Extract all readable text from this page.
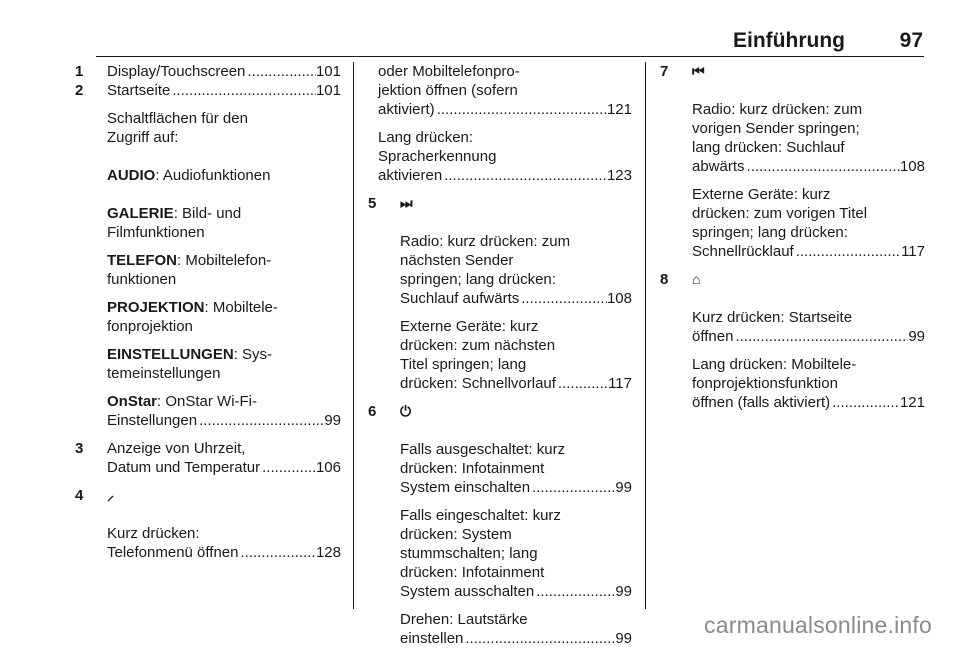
Einführung	97
1 Display/Touchscreen .....	101
2 Startseite .....	101

Schaltflächen für den
Zugriff auf:

AUDIO: Audiofunktionen

GALERIE: Bild- und
Filmfunktionen

TELEFON: Mobiltelefon-
funktionen

PROJEKTION: Mobiltele-
fonprojektion

EINSTELLUNGEN: Sys-
temeinstellungen

OnStar: OnStar Wi-Fi-
Einstellungen .....	99

3 Anzeige von Uhrzeit,
Datum und Temperatur .....	106
4 ⸝

Kurz drücken:
Telefonmenü öffnen .....	128

oder Mobiltelefonpro-
jektion öffnen (sofern
aktiviert) .....	121

Lang drücken:
Spracherkennung
aktivieren .....	123

5 ⏭

Radio: kurz drücken: zum
nächsten Sender
springen; lang drücken:
Suchlauf aufwärts .....	108

Externe Geräte: kurz
drücken: zum nächsten
Titel springen; lang
drücken: Schnellvorlauf .....	117

6 ⏻

Falls ausgeschaltet: kurz
drücken: Infotainment
System einschalten .....	99

Falls eingeschaltet: kurz
drücken: System
stummschalten; lang
drücken: Infotainment
System ausschalten .....	99

Drehen: Lautstärke
einstellen .....	99

7 ⏮

Radio: kurz drücken: zum
vorigen Sender springen;
lang drücken: Suchlauf
abwärts .....	108

Externe Geräte: kurz
drücken: zum vorigen Titel
springen; lang drücken:
Schnellrücklauf .....	117

8 ⌂

Kurz drücken: Startseite
öffnen .....	99

Lang drücken: Mobiltele-
fonprojektionsfunktion
öffnen (falls aktiviert) .....	121

carmanualsonline.info
